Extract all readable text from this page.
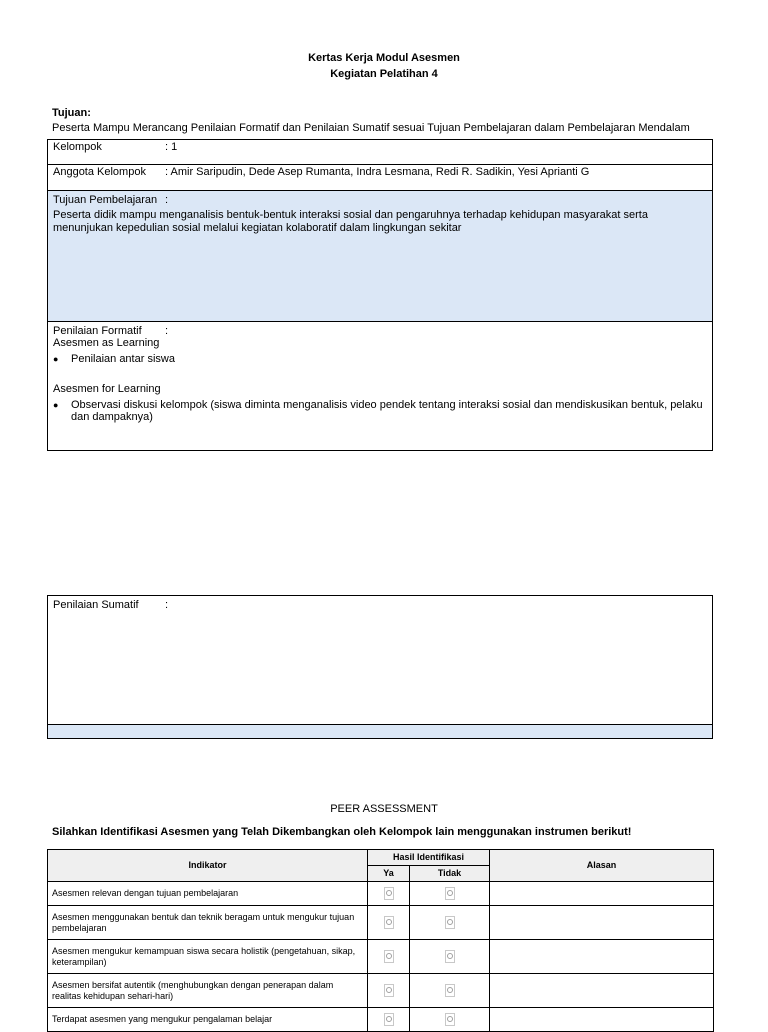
Kertas Kerja Modul Asesmen
Kegiatan Pelatihan 4
Tujuan:
Peserta Mampu Merancang Penilaian Formatif dan Penilaian Sumatif sesuai Tujuan Pembelajaran dalam Pembelajaran Mendalam
Kelompok	: 1
Anggota Kelompok : Amir Saripudin, Dede Asep Rumanta, Indra Lesmana, Redi R. Sadikin, Yesi Aprianti G
Tujuan Pembelajaran :
Peserta didik mampu menganalisis bentuk-bentuk interaksi sosial dan pengaruhnya terhadap kehidupan masyarakat serta menunjukan kepedulian sosial melalui kegiatan kolaboratif dalam lingkungan sekitar
Penilaian Formatif :
Asesmen as Learning
● Penilaian antar siswa
Asesmen for Learning
● Observasi diskusi kelompok (siswa diminta menganalisis video pendek tentang interaksi sosial dan mendiskusikan bentuk, pelaku dan dampaknya)
Penilaian Sumatif :
PEER ASSESSMENT
Silahkan Identifikasi Asesmen yang Telah Dikembangkan oleh Kelompok lain menggunakan instrumen berikut!
Indikator	Hasil Identifikasi		Alasan
	Ya	Tidak	
Asesmen relevan dengan tujuan pembelajaran			
Asesmen menggunakan bentuk dan teknik beragam untuk mengukur tujuan pembelajaran			
Asesmen mengukur kemampuan siswa secara holistik (pengetahuan, sikap, keterampilan)			
Asesmen bersifat autentik (menghubungkan dengan penerapan dalam realitas kehidupan sehari-hari)			
Terdapat asesmen yang mengukur pengalaman belajar			
